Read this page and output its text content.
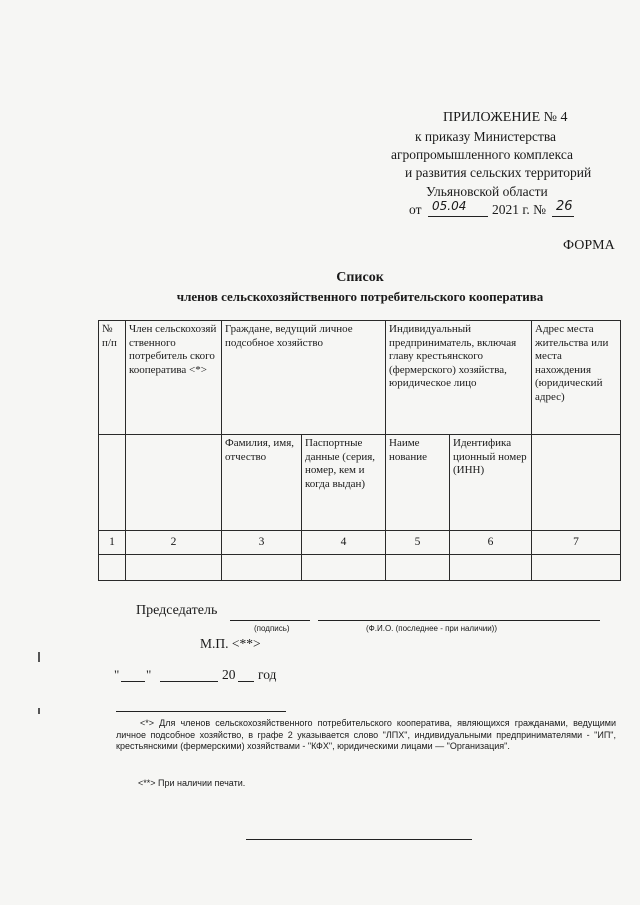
ПРИЛОЖЕНИЕ № 4
к приказу Министерства
агропромышленного комплекса
и развития сельских территорий
Ульяновской области
от 05.04 2021 г. № 26
ФОРМА
Список
членов сельскохозяйственного потребительского кооператива
№ п/п	Член сельскохозяй ственного потребитель ского кооператива <*>	Граждане, ведущий личное подсобное хозяйство		Индивидуальный предприниматель, включая главу крестьянского (фермерского) хозяйства, юридическое лицо		Адрес места жительства или места нахождения (юридический адрес)
		Фамилия, имя, отчество	Паспортные данные (серия, номер, кем и когда выдан)	Наиме нование	Идентифика ционный номер (ИНН)	
1	2	3	4	5	6	7

Председатель
(подпись)	(Ф.И.О. (последнее - при наличии))
М.П. <**>
" "	20 год
<*> Для членов сельскохозяйственного потребительского кооператива, являющихся гражданами, ведущими личное подсобное хозяйство, в графе 2 указывается слово "ЛПХ", индивидуальными предпринимателями - "ИП", крестьянскими (фермерскими) хозяйствами - "КФХ", юридическими лицами — "Организация".
<**> При наличии печати.
